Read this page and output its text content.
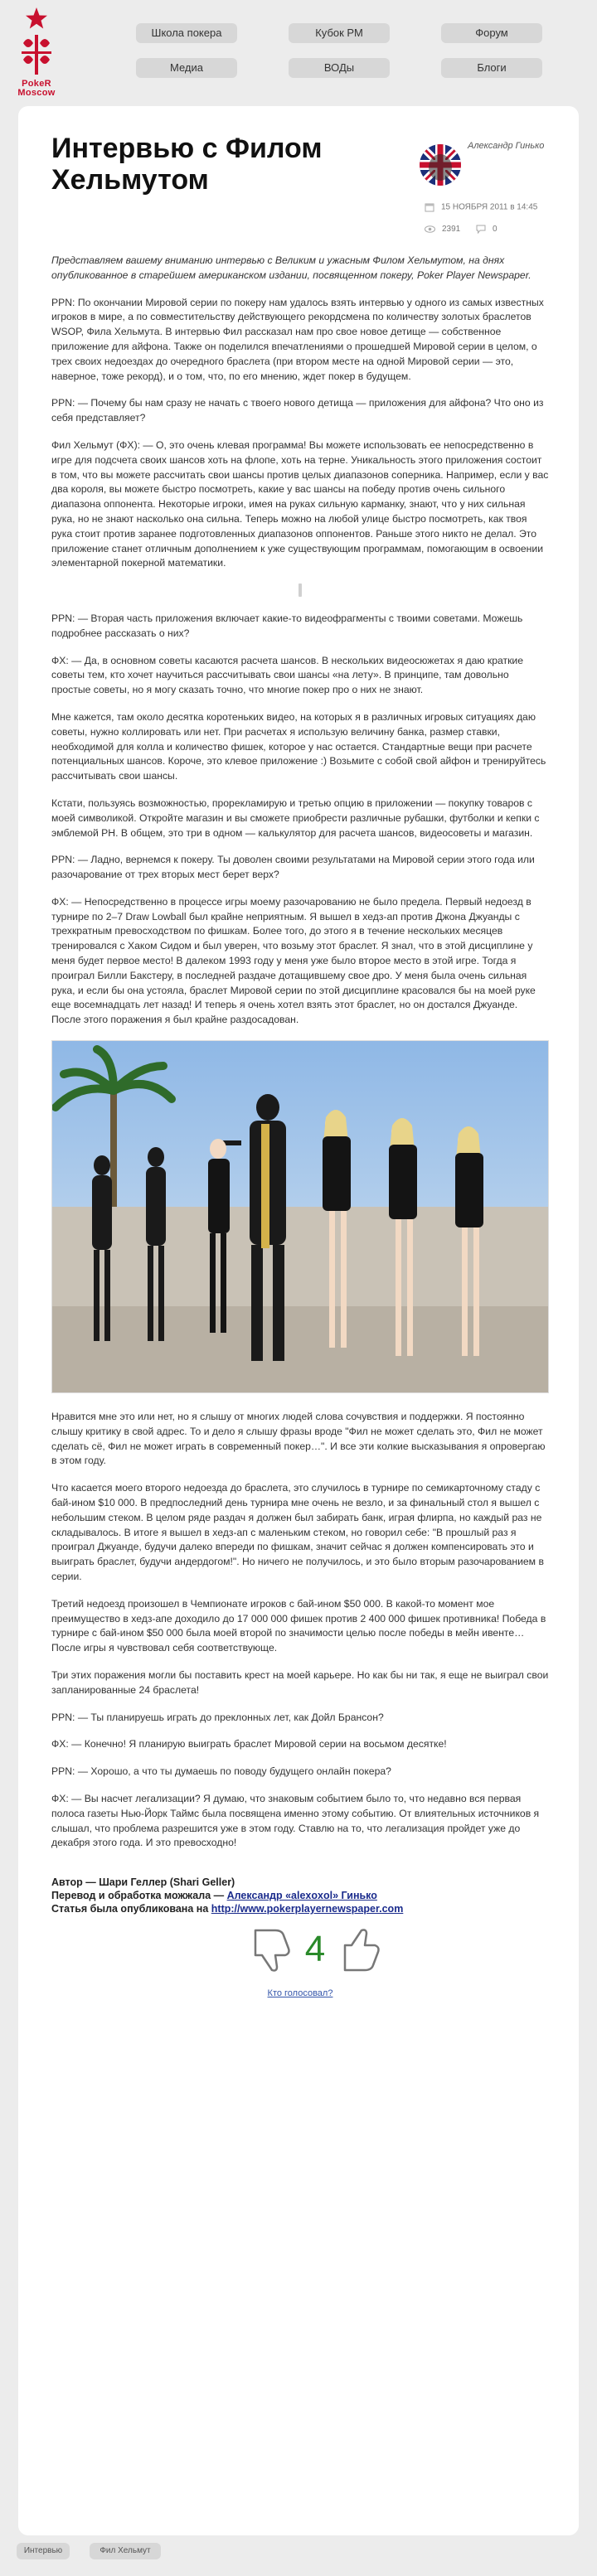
PokeR
Moscow
Школа покера	Кубок РМ	Форум
Медиа	ВОДы	Блоги
Интервью с Филом Хельмутом
Александр Гинько
15 НОЯБРЯ 2011 в 14:45
2391	0

Представляем вашему вниманию интервью с Великим и ужасным Филом Хельмутом, на днях опубликованное в старейшем американском издании, посвященном покеру, Poker Player Newspaper.

PPN: По окончании Мировой серии по покеру нам удалось взять интервью у одного из самых известных игроков в мире, а по совместительству действующего рекордсмена по количеству золотых браслетов WSOP, Фила Хельмута. В интервью Фил рассказал нам про свое новое детище — собственное приложение для айфона. Также он поделился впечатлениями о прошедшей Мировой серии в целом, о трех своих недоездах до очередного браслета (при втором месте на одной Мировой серии — это, наверное, тоже рекорд), и о том, что, по его мнению, ждет покер в будущем.

PPN: — Почему бы нам сразу не начать с твоего нового детища — приложения для айфона? Что оно из себя представляет?

Фил Хельмут (ФХ): — О, это очень клевая программа! Вы можете использовать ее непосредственно в игре для подсчета своих шансов хоть на флопе, хоть на терне. Уникальность этого приложения состоит в том, что вы можете рассчитать свои шансы против целых диапазонов соперника. Например, если у вас два короля, вы можете быстро посмотреть, какие у вас шансы на победу против очень сильного диапазона оппонента. Некоторые игроки, имея на руках сильную карманку, знают, что у них сильная рука, но не знают насколько она сильна. Теперь можно на любой улице быстро посмотреть, как твоя рука стоит против заранее подготовленных диапазонов оппонентов. Раньше этого никто не делал. Это приложение станет отличным дополнением к уже существующим программам, помогающим в освоении элементарной покерной математики.

PPN: — Вторая часть приложения включает какие-то видеофрагменты с твоими советами. Можешь подробнее рассказать о них?

ФХ: — Да, в основном советы касаются расчета шансов. В нескольких видеосюжетах я даю краткие советы тем, кто хочет научиться рассчитывать свои шансы «на лету». В принципе, там довольно простые советы, но я могу сказать точно, что многие покер про о них не знают.

Мне кажется, там около десятка коротеньких видео, на которых я в различных игровых ситуациях даю советы, нужно коллировать или нет. При расчетах я использую величину банка, размер ставки, необходимой для колла и количество фишек, которое у нас остается. Стандартные вещи при расчете потенциальных шансов. Короче, это клевое приложение :) Возьмите с собой свой айфон и тренируйтесь рассчитывать свои шансы.

Кстати, пользуясь возможностью, прорекламирую и третью опцию в приложении — покупку товаров с моей символикой. Откройте магазин и вы сможете приобрести различные рубашки, футболки и кепки с эмблемой PH. В общем, это три в одном — калькулятор для расчета шансов, видеосоветы и магазин.

PPN: — Ладно, вернемся к покеру. Ты доволен своими результатами на Мировой серии этого года или разочарование от трех вторых мест берет верх?

ФХ: — Непосредственно в процессе игры моему разочарованию не было предела. Первый недоезд в турнире по 2–7 Draw Lowball был крайне неприятным. Я вышел в хедз-ап против Джона Джуанды с трехкратным превосходством по фишкам. Более того, до этого я в течение нескольких месяцев тренировался с Хаком Сидом и был уверен, что возьму этот браслет. Я знал, что в этой дисциплине у меня будет первое место! В далеком 1993 году у меня уже было второе место в этой игре. Тогда я проиграл Билли Бакстеру, в последней раздаче дотащившему свое дро. У меня была очень сильная рука, и если бы она устояла, браслет Мировой серии по этой дисциплине красовался бы на моей руке еще восемнадцать лет назад! И теперь я очень хотел взять этот браслет, но он достался Джуанде. После этого поражения я был крайне раздосадован.

Нравится мне это или нет, но я слышу от многих людей слова сочувствия и поддержки. Я постоянно слышу критику в свой адрес. То и дело я слышу фразы вроде "Фил не может сделать это, Фил не может сделать сё, Фил не может играть в современный покер…". И все эти колкие высказывания я опровергаю в этом году.

Что касается моего второго недоезда до браслета, это случилось в турнире по семикарточному стаду с бай-ином $10 000. В предпоследний день турнира мне очень не везло, и за финальный стол я вышел с небольшим стеком. В целом ряде раздач я должен был забирать банк, играя флирпа, но каждый раз не складывалось. В итоге я вышел в хедз-ап с маленьким стеком, но говорил себе: "В прошлый раз я проиграл Джуанде, будучи далеко впереди по фишкам, значит сейчас я должен компенсировать это и выиграть браслет, будучи андердогом!". Но ничего не получилось, и это было вторым разочарованием в серии.

Третий недоезд произошел в Чемпионате игроков с бай-ином $50 000. В какой-то момент мое преимущество в хедз-апе доходило до 17 000 000 фишек против 2 400 000 фишек противника! Победа в турнире с бай-ином $50 000 была моей второй по значимости целью после победы в мейн ивенте… После игры я чувствовал себя соответствующе.

Три этих поражения могли бы поставить крест на моей карьере. Но как бы ни так, я еще не выиграл свои запланированные 24 браслета!

PPN: — Ты планируешь играть до преклонных лет, как Дойл Брансон?

ФХ: — Конечно! Я планирую выиграть браслет Мировой серии на восьмом десятке!

PPN: — Хорошо, а что ты думаешь по поводу будущего онлайн покера?

ФХ: — Вы насчет легализации? Я думаю, что знаковым событием было то, что недавно вся первая полоса газеты Нью-Йорк Таймс была посвящена именно этому событию. От влиятельных источников я слышал, что проблема разрешится уже в этом году. Ставлю на то, что легализация пройдет уже до декабря этого года. И это превосходно!

Автор — Шари Геллер (Shari Geller)
Перевод и обработка можжала — Александр «alexoxol» Гинько
Статья была опубликована на http://www.pokerplayernewspaper.com
4
Кто голосовал?
Интервью	Фил Хельмут
